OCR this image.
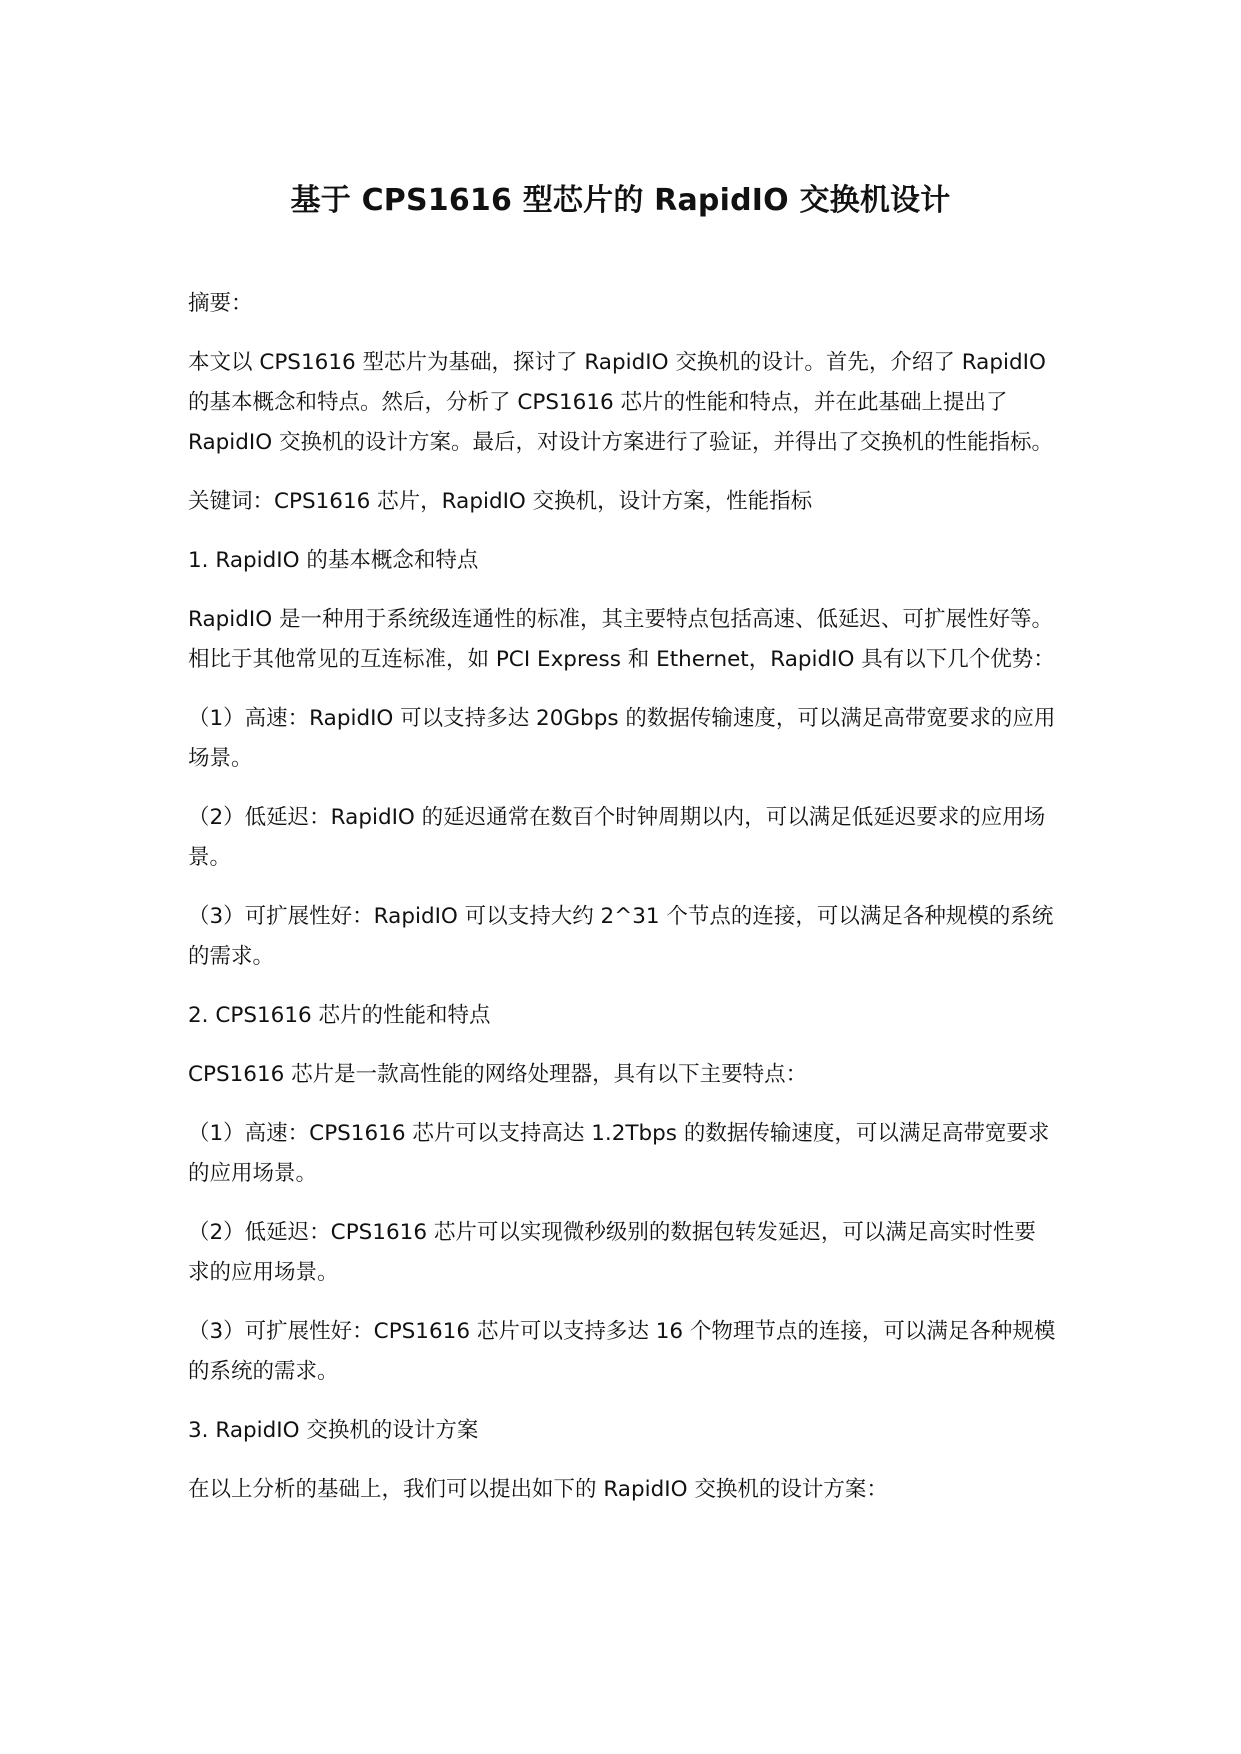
基于 CPS1616 型芯片的 RapidIO 交换机设计

摘要：

本文以 CPS1616 型芯片为基础，探讨了 RapidIO 交换机的设计。首先，介绍了 RapidIO 的基本概念和特点。然后，分析了 CPS1616 芯片的性能和特点，并在此基础上提出了 RapidIO 交换机的设计方案。最后，对设计方案进行了验证，并得出了交换机的性能指标。

关键词：CPS1616 芯片，RapidIO 交换机，设计方案，性能指标

1. RapidIO 的基本概念和特点

RapidIO 是一种用于系统级连通性的标准，其主要特点包括高速、低延迟、可扩展性好等。相比于其他常见的互连标准，如 PCI Express 和 Ethernet，RapidIO 具有以下几个优势：

（1）高速：RapidIO 可以支持多达 20Gbps 的数据传输速度，可以满足高带宽要求的应用场景。

（2）低延迟：RapidIO 的延迟通常在数百个时钟周期以内，可以满足低延迟要求的应用场景。

（3）可扩展性好：RapidIO 可以支持大约 2^31 个节点的连接，可以满足各种规模的系统的需求。

2. CPS1616 芯片的性能和特点

CPS1616 芯片是一款高性能的网络处理器，具有以下主要特点：

（1）高速：CPS1616 芯片可以支持高达 1.2Tbps 的数据传输速度，可以满足高带宽要求的应用场景。

（2）低延迟：CPS1616 芯片可以实现微秒级别的数据包转发延迟，可以满足高实时性要求的应用场景。

（3）可扩展性好：CPS1616 芯片可以支持多达 16 个物理节点的连接，可以满足各种规模的系统的需求。

3. RapidIO 交换机的设计方案

在以上分析的基础上，我们可以提出如下的 RapidIO 交换机的设计方案：
